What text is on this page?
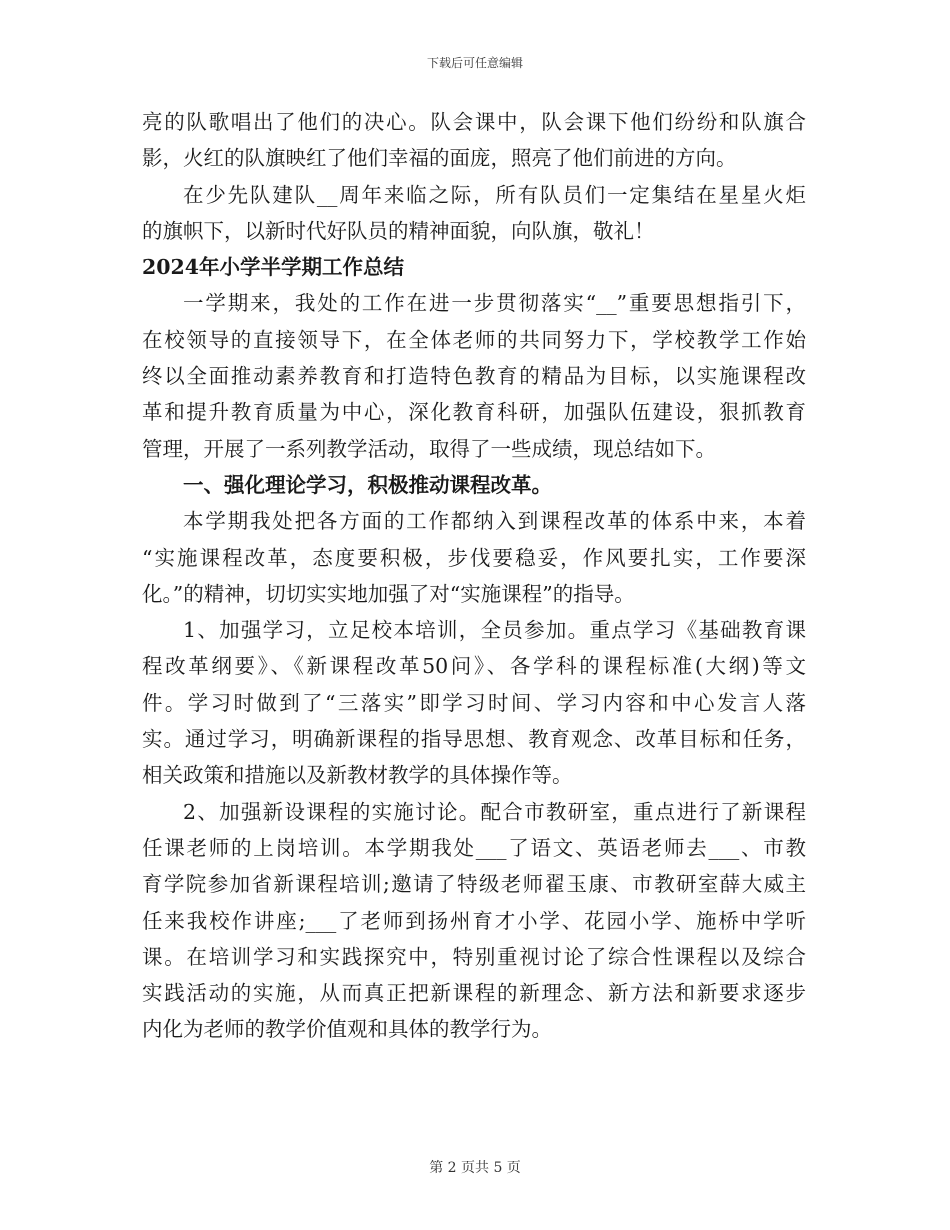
下载后可任意编辑
亮的队歌唱出了他们的决心。队会课中，队会课下他们纷纷和队旗合
影，火红的队旗映红了他们幸福的面庞，照亮了他们前进的方向。
在少先队建队__周年来临之际，所有队员们一定集结在星星火炬
的旗帜下，以新时代好队员的精神面貌，向队旗，敬礼！
2024年小学半学期工作总结
一学期来，我处的工作在进一步贯彻落实“__”重要思想指引下，
在校领导的直接领导下，在全体老师的共同努力下，学校教学工作始
终以全面推动素养教育和打造特色教育的精品为目标，以实施课程改
革和提升教育质量为中心，深化教育科研，加强队伍建设，狠抓教育
管理，开展了一系列教学活动，取得了一些成绩，现总结如下。
一、强化理论学习，积极推动课程改革。
本学期我处把各方面的工作都纳入到课程改革的体系中来，本着
“实施课程改革，态度要积极，步伐要稳妥，作风要扎实，工作要深
化。”的精神，切切实实地加强了对“实施课程”的指导。
1、加强学习，立足校本培训，全员参加。重点学习《基础教育课
程改革纲要》、《新课程改革50问》、各学科的课程标准(大纲)等文
件。学习时做到了“三落实”即学习时间、学习内容和中心发言人落
实。通过学习，明确新课程的指导思想、教育观念、改革目标和任务，
相关政策和措施以及新教材教学的具体操作等。
2、加强新设课程的实施讨论。配合市教研室，重点进行了新课程
任课老师的上岗培训。本学期我处___了语文、英语老师去___、市教
育学院参加省新课程培训;邀请了特级老师翟玉康、市教研室薛大威主
任来我校作讲座;___了老师到扬州育才小学、花园小学、施桥中学听
课。在培训学习和实践探究中，特别重视讨论了综合性课程以及综合
实践活动的实施，从而真正把新课程的新理念、新方法和新要求逐步
内化为老师的教学价值观和具体的教学行为。
第 2 页共 5 页
